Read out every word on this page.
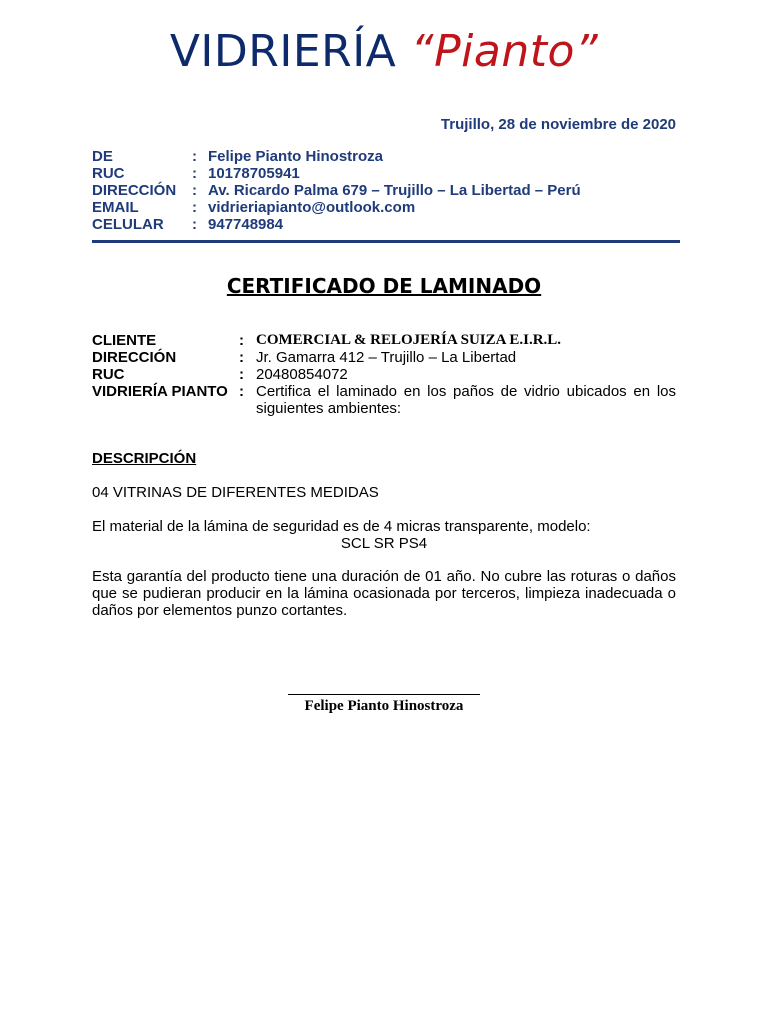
VIDRIERÍA “Pianto”
Trujillo, 28 de noviembre de 2020
DE	: Felipe Pianto Hinostroza
RUC	: 10178705941
DIRECCIÓN	: Av. Ricardo Palma 679 – Trujillo – La Libertad – Perú
EMAIL	: vidrieriapianto@outlook.com
CELULAR	: 947748984
CERTIFICADO DE LAMINADO
CLIENTE	: COMERCIAL & RELOJERÍA SUIZA E.I.R.L.
DIRECCIÓN	: Jr. Gamarra 412 – Trujillo – La Libertad
RUC	: 20480854072
VIDRIERÍA PIANTO : Certifica el laminado en los paños de vidrio ubicados en los siguientes ambientes:
DESCRIPCIÓN
04 VITRINAS DE DIFERENTES MEDIDAS
El material de la lámina de seguridad es de 4 micras transparente, modelo:
SCL SR PS4
Esta garantía del producto tiene una duración de 01 año. No cubre las roturas o daños que se pudieran producir en la lámina ocasionada por terceros, limpieza inadecuada o daños por elementos punzo cortantes.
Felipe Pianto Hinostroza
